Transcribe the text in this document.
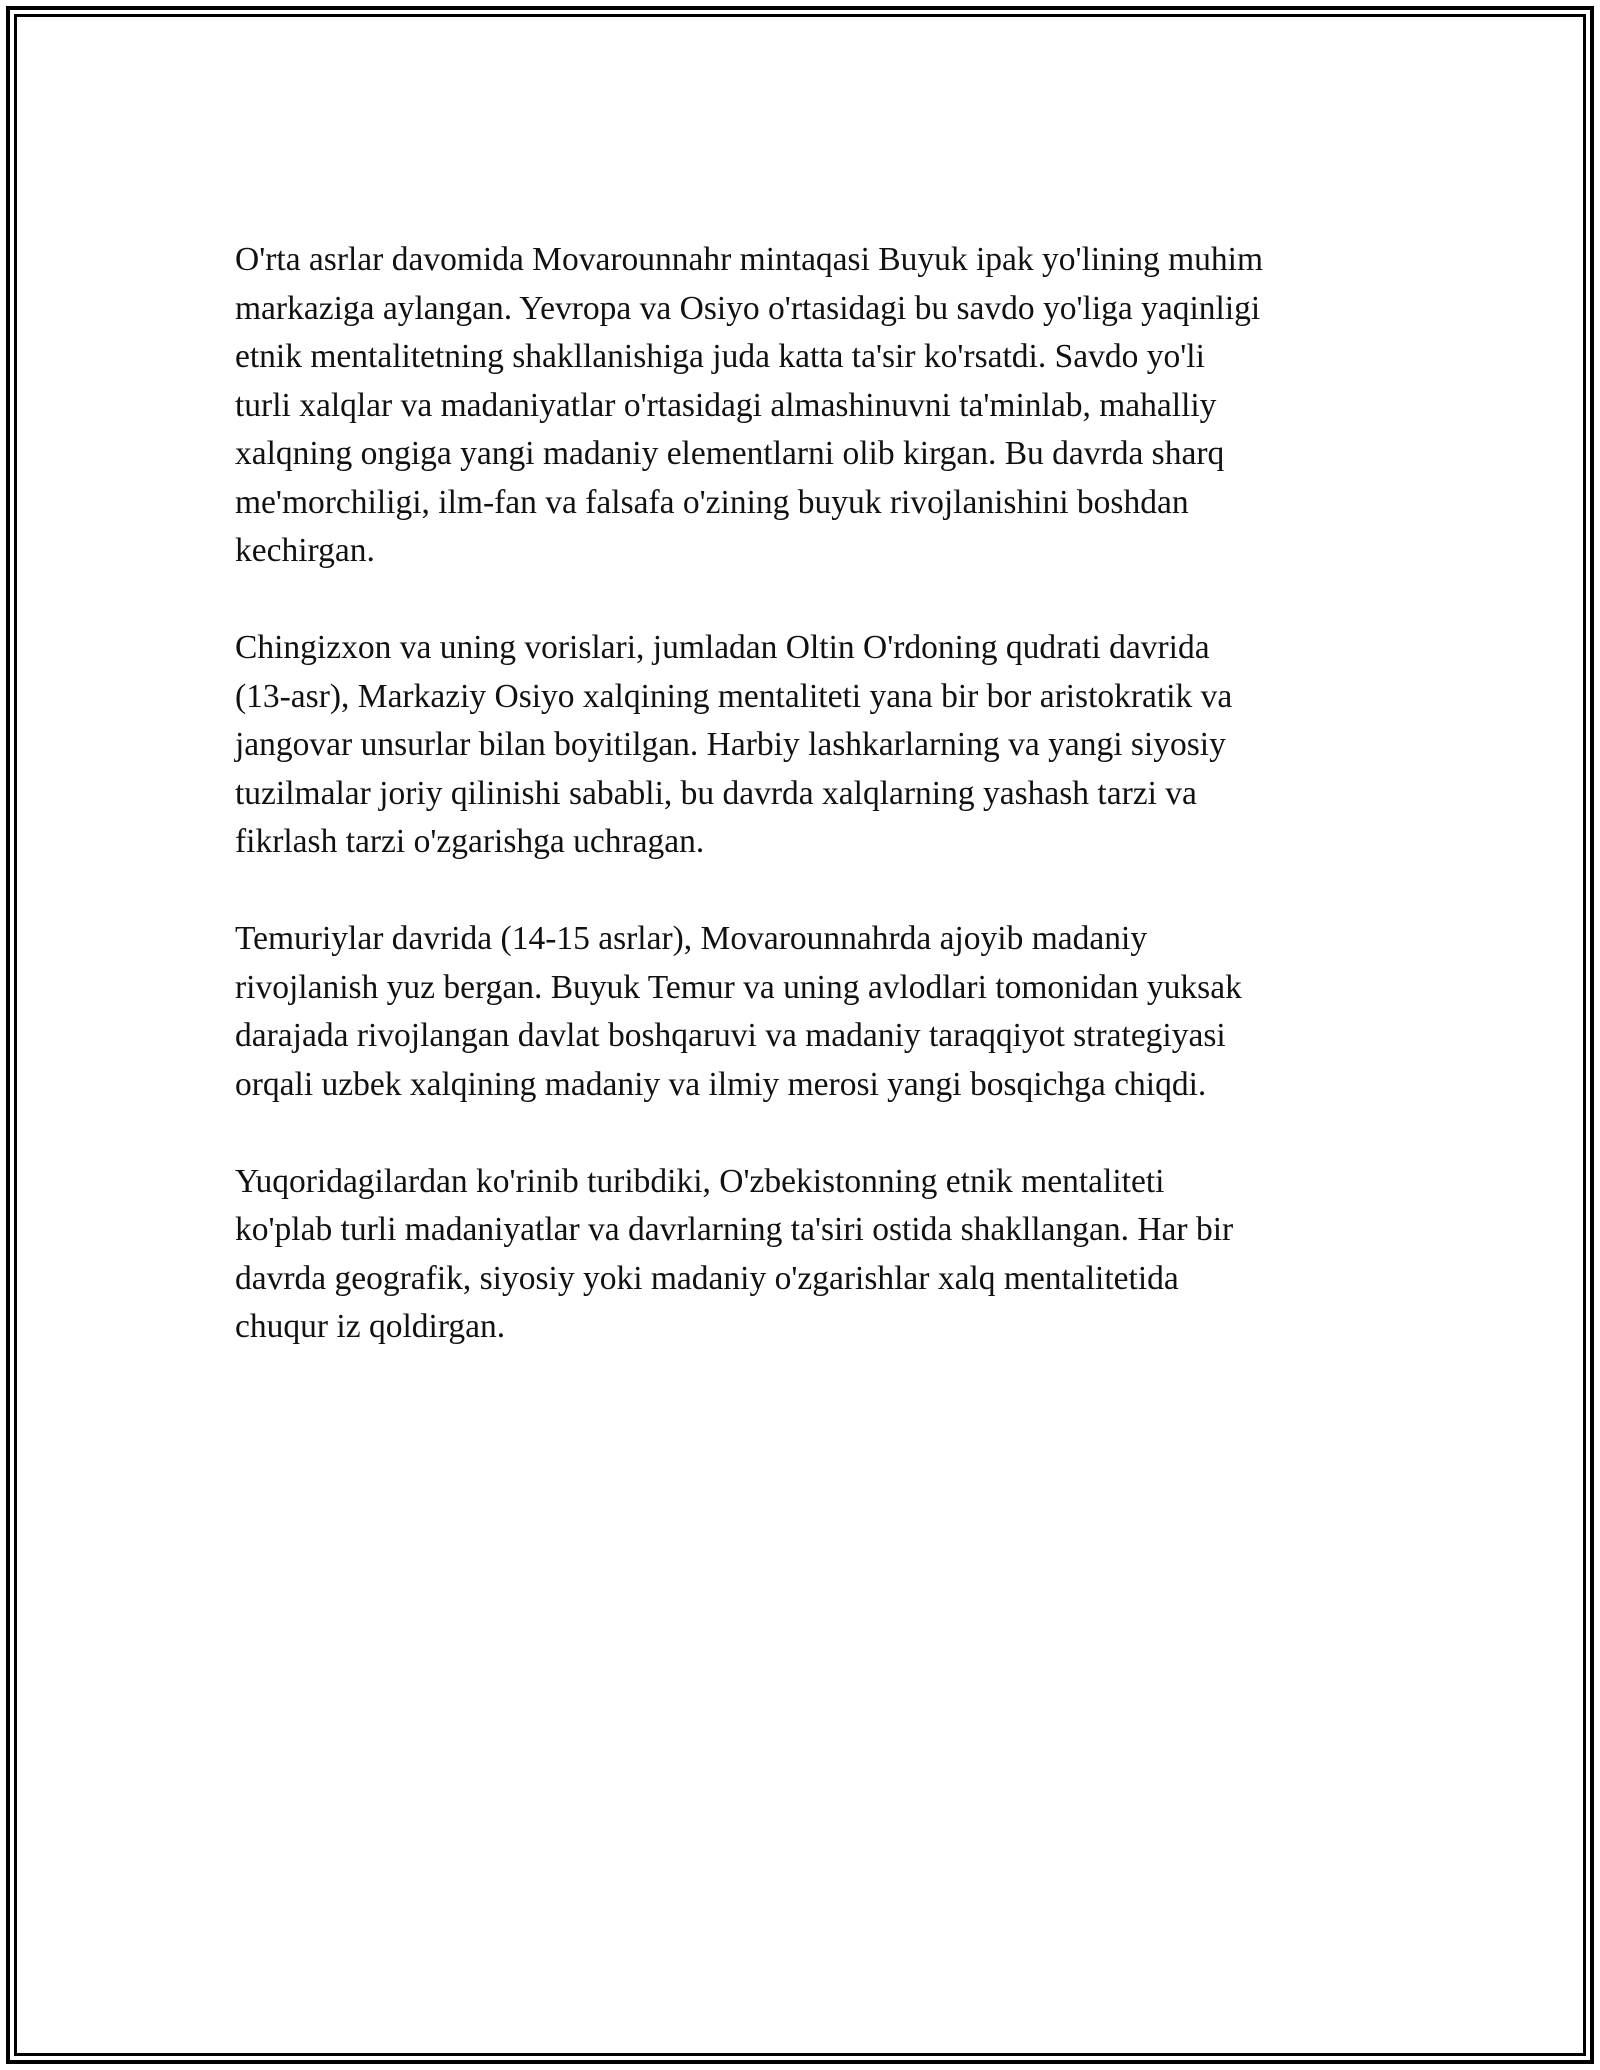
O'rta asrlar davomida Movarounnahr mintaqasi Buyuk ipak yo'lining muhim
markaziga aylangan. Yevropa va Osiyo o'rtasidagi bu savdo yo'liga yaqinligi
etnik mentalitetning shakllanishiga juda katta ta'sir ko'rsatdi. Savdo yo'li
turli xalqlar va madaniyatlar o'rtasidagi almashinuvni ta'minlab, mahalliy
xalqning ongiga yangi madaniy elementlarni olib kirgan. Bu davrda sharq
me'morchiligi, ilm-fan va falsafa o'zining buyuk rivojlanishini boshdan
kechirgan.

Chingizxon va uning vorislari, jumladan Oltin O'rdoning qudrati davrida
(13-asr), Markaziy Osiyo xalqining mentaliteti yana bir bor aristokratik va
jangovar unsurlar bilan boyitilgan. Harbiy lashkarlarning va yangi siyosiy
tuzilmalar joriy qilinishi sababli, bu davrda xalqlarning yashash tarzi va
fikrlash tarzi o'zgarishga uchragan.

Temuriylar davrida (14-15 asrlar), Movarounnahrda ajoyib madaniy
rivojlanish yuz bergan. Buyuk Temur va uning avlodlari tomonidan yuksak
darajada rivojlangan davlat boshqaruvi va madaniy taraqqiyot strategiyasi
orqali uzbek xalqining madaniy va ilmiy merosi yangi bosqichga chiqdi.

Yuqoridagilardan ko'rinib turibdiki, O'zbekistonning etnik mentaliteti
ko'plab turli madaniyatlar va davrlarning ta'siri ostida shakllangan. Har bir
davrda geografik, siyosiy yoki madaniy o'zgarishlar xalq mentalitetida
chuqur iz qoldirgan.
